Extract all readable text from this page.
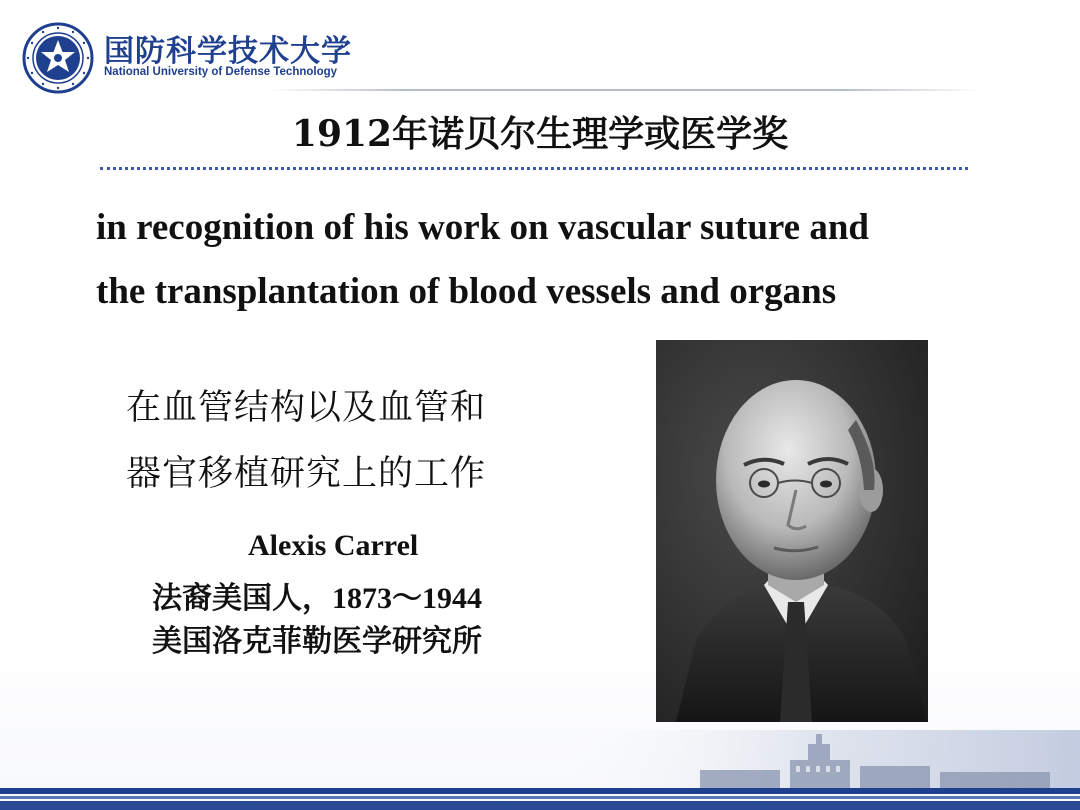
国防科学技术大学
National University of Defense Technology
1912年诺贝尔生理学或医学奖
in recognition of his work on vascular suture and
the transplantation of blood vessels and organs
在血管结构以及血管和
器官移植研究上的工作
Alexis Carrel
法裔美国人，1873～1944
美国洛克菲勒医学研究所
